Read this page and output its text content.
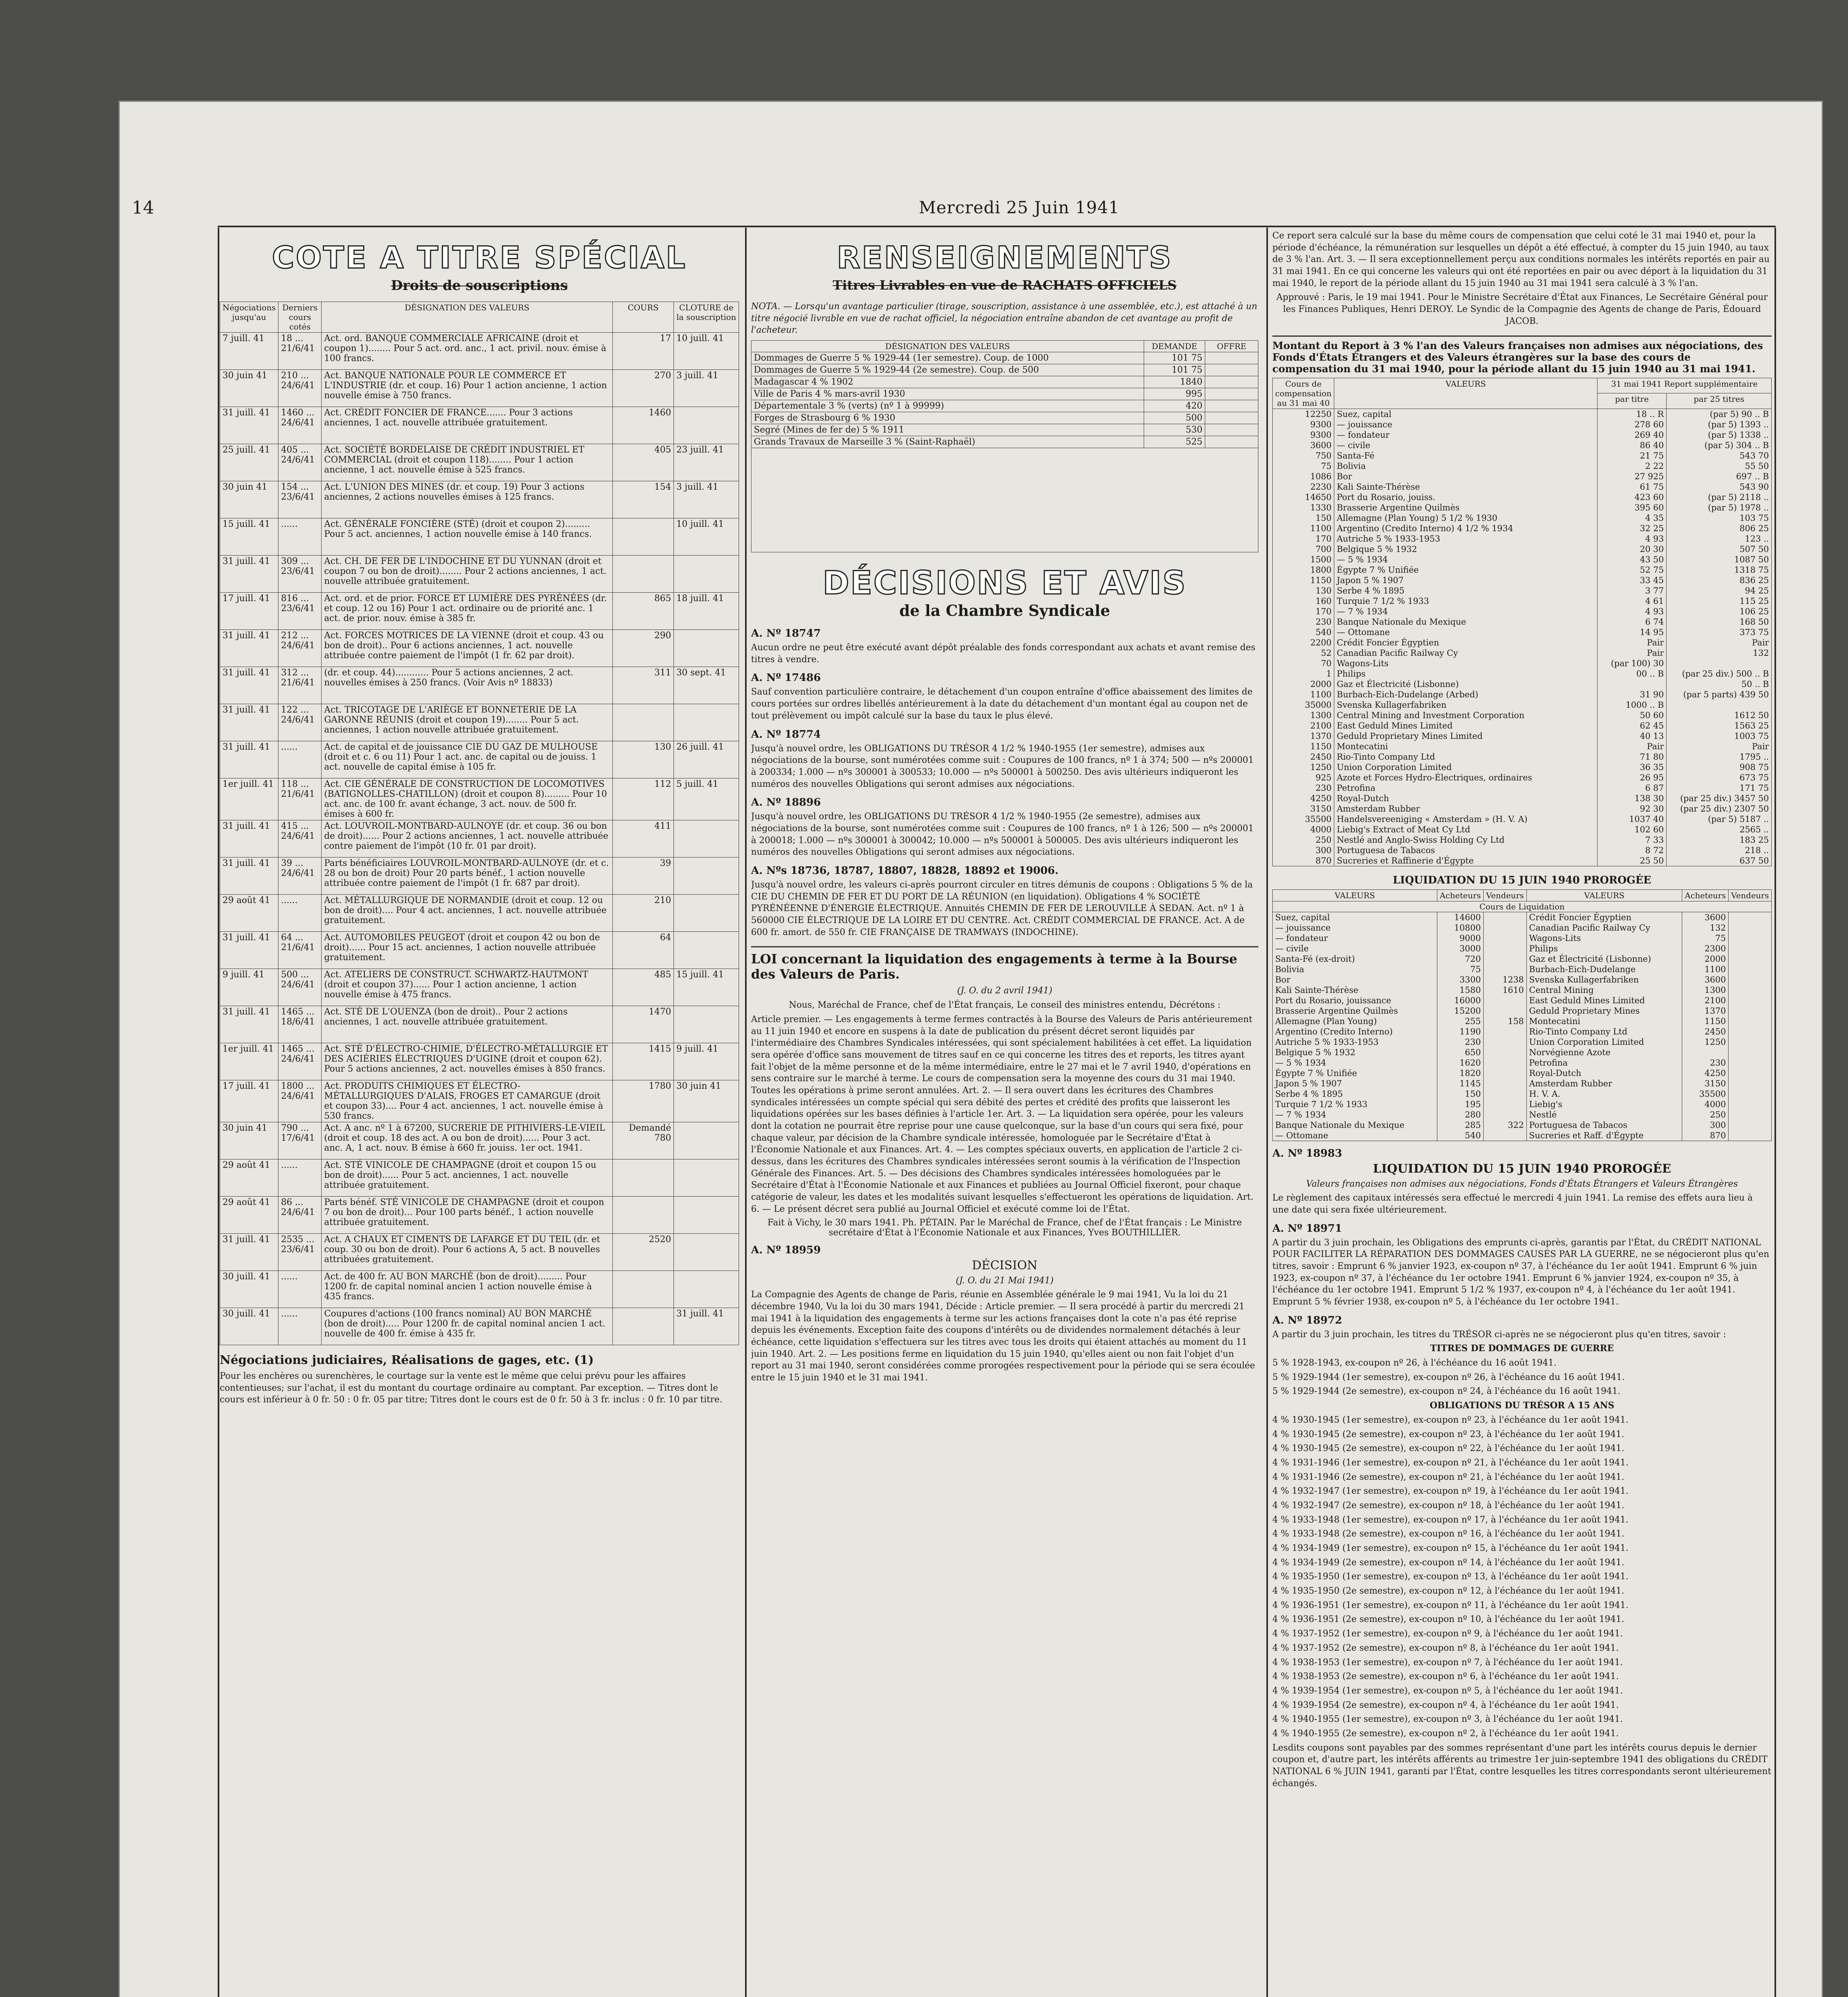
14	Mercredi 25 Juin 1941
COTE A TITRE SPÉCIAL
Droits de souscriptions
Négociations jusqu'au	Derniers cours cotés	DÉSIGNATION DES VALEURS	COURS	CLOTURE de la souscription
7 juill. 41	18 ... 21/6/41	Act. ord. BANQUE COMMERCIALE AFRICAINE (droit et coupon 1)........ Pour 5 act. ord. anc., 1 act. privil. nouv. émise à 100 francs.	17	10 juill. 41
30 juin 41	210 ... 24/6/41	Act. BANQUE NATIONALE POUR LE COMMERCE ET L'INDUSTRIE (dr. et coup. 16) Pour 1 action ancienne, 1 action nouvelle émise à 750 francs.	270	3 juill. 41
31 juill. 41	1460 ... 24/6/41	Act. CRÉDIT FONCIER DE FRANCE....... Pour 3 actions anciennes, 1 act. nouvelle attribuée gratuitement.	1460	
25 juill. 41	405 ... 24/6/41	Act. SOCIÉTÉ BORDELAISE DE CRÉDIT INDUSTRIEL ET COMMERCIAL (droit et coupon 118)........ Pour 1 action ancienne, 1 act. nouvelle émise à 525 francs.	405	23 juill. 41
30 juin 41	154 ... 23/6/41	Act. L'UNION DES MINES (dr. et coup. 19) Pour 3 actions anciennes, 2 actions nouvelles émises à 125 francs.	154	3 juill. 41
15 juill. 41	......	Act. GÉNÉRALE FONCIÈRE (STÉ) (droit et coupon 2)......... Pour 5 act. anciennes, 1 action nouvelle émise à 140 francs.		10 juill. 41
31 juill. 41	309 ... 23/6/41	Act. CH. DE FER DE L'INDOCHINE ET DU YUNNAN (droit et coupon 7 ou bon de droit)........ Pour 2 actions anciennes, 1 act. nouvelle attribuée gratuitement.		
17 juill. 41	816 ... 23/6/41	Act. ord. et de prior. FORCE ET LUMIÈRE DES PYRÉNÉES (dr. et coup. 12 ou 16) Pour 1 act. ordinaire ou de priorité anc. 1 act. de prior. nouv. émise à 385 fr.	865	18 juill. 41
31 juill. 41	212 ... 24/6/41	Act. FORCES MOTRICES DE LA VIENNE (droit et coup. 43 ou bon de droit).. Pour 6 actions anciennes, 1 act. nouvelle attribuée contre paiement de l'impôt (1 fr. 62 par droit).	290	
31 juill. 41	312 ... 21/6/41	(dr. et coup. 44)............ Pour 5 actions anciennes, 2 act. nouvelles émises à 250 francs. (Voir Avis nº 18833)	311	30 sept. 41
31 juill. 41	122 ... 24/6/41	Act. TRICOTAGE DE L'ARIÈGE ET BONNETERIE DE LA GARONNE RÉUNIS (droit et coupon 19)........ Pour 5 act. anciennes, 1 action nouvelle attribuée gratuitement.		
31 juill. 41	......	Act. de capital et de jouissance CIE DU GAZ DE MULHOUSE (droit et c. 6 ou 11) Pour 1 act. anc. de capital ou de jouiss. 1 act. nouvelle de capital émise à 105 fr.	130	26 juill. 41
1er juill. 41	118 ... 21/6/41	Act. CIE GÉNÉRALE DE CONSTRUCTION DE LOCOMOTIVES (BATIGNOLLES-CHATILLON) (droit et coupon 8)......... Pour 10 act. anc. de 100 fr. avant échange, 3 act. nouv. de 500 fr. émises à 600 fr.	112	5 juill. 41
31 juill. 41	415 ... 24/6/41	Act. LOUVROIL-MONTBARD-AULNOYE (dr. et coup. 36 ou bon de droit)...... Pour 2 actions anciennes, 1 act. nouvelle attribuée contre paiement de l'impôt (10 fr. 01 par droit).	411	
31 juill. 41	39 ... 24/6/41	Parts bénéficiaires LOUVROIL-MONTBARD-AULNOYE (dr. et c. 28 ou bon de droit) Pour 20 parts bénéf., 1 action nouvelle attribuée contre paiement de l'impôt (1 fr. 687 par droit).	39	
29 août 41	......	Act. MÉTALLURGIQUE DE NORMANDIE (droit et coup. 12 ou bon de droit).... Pour 4 act. anciennes, 1 act. nouvelle attribuée gratuitement.	210	
31 juill. 41	64 ... 21/6/41	Act. AUTOMOBILES PEUGEOT (droit et coupon 42 ou bon de droit)...... Pour 15 act. anciennes, 1 action nouvelle attribuée gratuitement.	64	
9 juill. 41	500 ... 24/6/41	Act. ATELIERS DE CONSTRUCT. SCHWARTZ-HAUTMONT (droit et coupon 37)...... Pour 1 action ancienne, 1 action nouvelle émise à 475 francs.	485	15 juill. 41
31 juill. 41	1465 ... 18/6/41	Act. STÉ DE L'OUENZA (bon de droit).. Pour 2 actions anciennes, 1 act. nouvelle attribuée gratuitement.	1470	
1er juill. 41	1465 ... 24/6/41	Act. STÉ D'ÉLECTRO-CHIMIE, D'ÉLECTRO-MÉTALLURGIE ET DES ACIÉRIES ÉLECTRIQUES D'UGINE (droit et coupon 62). Pour 5 actions anciennes, 2 act. nouvelles émises à 850 francs.	1415	9 juill. 41
17 juill. 41	1800 ... 24/6/41	Act. PRODUITS CHIMIQUES ET ÉLECTRO-MÉTALLURGIQUES D'ALAIS, FROGES ET CAMARGUE (droit et coupon 33).... Pour 4 act. anciennes, 1 act. nouvelle émise à 530 francs.	1780	30 juin 41
30 juin 41	790 ... 17/6/41	Act. A anc. nº 1 à 67200, SUCRERIE DE PITHIVIERS-LE-VIEIL (droit et coup. 18 des act. A ou bon de droit)...... Pour 3 act. anc. A, 1 act. nouv. B émise à 660 fr. jouiss. 1er oct. 1941.	Demandé 780	
29 août 41	......	Act. STÉ VINICOLE DE CHAMPAGNE (droit et coupon 15 ou bon de droit)...... Pour 5 act. anciennes, 1 act. nouvelle attribuée gratuitement.		
29 août 41	86 ... 24/6/41	Parts bénéf. STÉ VINICOLE DE CHAMPAGNE (droit et coupon 7 ou bon de droit)... Pour 100 parts bénéf., 1 action nouvelle attribuée gratuitement.		
31 juill. 41	2535 ... 23/6/41	Act. A CHAUX ET CIMENTS DE LAFARGE ET DU TEIL (dr. et coup. 30 ou bon de droit). Pour 6 actions A, 5 act. B nouvelles attribuées gratuitement.	2520	
30 juill. 41	......	Act. de 400 fr. AU BON MARCHÉ (bon de droit)......... Pour 1200 fr. de capital nominal ancien 1 action nouvelle émise à 435 francs.		
30 juill. 41	......	Coupures d'actions (100 francs nominal) AU BON MARCHÉ (bon de droit)..... Pour 1200 fr. de capital nominal ancien 1 act. nouvelle de 400 fr. émise à 435 fr.		31 juill. 41
Négociations judiciaires, Réalisations de gages, etc. (1)
Pour les enchères ou surenchères, le courtage sur la vente est le même que celui prévu pour les affaires contentieuses; sur l'achat, il est du montant du courtage ordinaire au comptant. Par exception. — Titres dont le cours est inférieur à 0 fr. 50 : 0 fr. 05 par titre; Titres dont le cours est de 0 fr. 50 à 3 fr. inclus : 0 fr. 10 par titre.
RENSEIGNEMENTS
Titres Livrables en vue de RACHATS OFFICIELS
NOTA. — Lorsqu'un avantage particulier (tirage, souscription, assistance à une assemblée, etc.), est attaché à un titre négocié livrable en vue de rachat officiel, la négociation entraîne abandon de cet avantage au profit de l'acheteur.
DÉSIGNATION DES VALEURS	DEMANDE	OFFRE
Dommages de Guerre 5 % 1929-44 (1er semestre). Coup. de 1000	101 75	
Dommages de Guerre 5 % 1929-44 (2e semestre). Coup. de 500	101 75	
Madagascar 4 % 1902	1840	
Ville de Paris 4 % mars-avril 1930	995	
Départementale 3 % (verts) (nº 1 à 99999)	420	
Forges de Strasbourg 6 % 1930	500	
Segré (Mines de fer de) 5 % 1911	530	
Grands Travaux de Marseille 3 % (Saint-Raphaël)	525	
DÉCISIONS ET AVIS
de la Chambre Syndicale
A. Nº 18747
Aucun ordre ne peut être exécuté avant dépôt préalable des fonds correspondant aux achats et avant remise des titres à vendre.
A. Nº 17486
Sauf convention particulière contraire, le détachement d'un coupon entraîne d'office abaissement des limites de cours portées sur ordres libellés antérieurement à la date du détachement d'un montant égal au coupon net de tout prélèvement ou impôt calculé sur la base du taux le plus élevé.
A. Nº 18774
Jusqu'à nouvel ordre, les OBLIGATIONS DU TRÉSOR 4 1/2 % 1940-1955 (1er semestre), admises aux négociations de la bourse, sont numérotées comme suit : Coupures de 100 francs, nº 1 à 374; 500 — nºs 200001 à 200334; 1.000 — nºs 300001 à 300533; 10.000 — nºs 500001 à 500250. Des avis ultérieurs indiqueront les numéros des nouvelles Obligations qui seront admises aux négociations.
A. Nº 18896
Jusqu'à nouvel ordre, les OBLIGATIONS DU TRÉSOR 4 1/2 % 1940-1955 (2e semestre), admises aux négociations de la bourse, sont numérotées comme suit : Coupures de 100 francs, nº 1 à 126; 500 — nºs 200001 à 200018; 1.000 — nºs 300001 à 300042; 10.000 — nºs 500001 à 500005. Des avis ultérieurs indiqueront les numéros des nouvelles Obligations qui seront admises aux négociations.
A. Nºs 18736, 18787, 18807, 18828, 18892 et 19006.
Jusqu'à nouvel ordre, les valeurs ci-après pourront circuler en titres démunis de coupons : Obligations 5 % de la CIE DU CHEMIN DE FER ET DU PORT DE LA RÉUNION (en liquidation). Obligations 4 % SOCIÉTÉ PYRÉNÉENNE D'ÉNERGIE ÉLECTRIQUE. Annuités CHEMIN DE FER DE LEROUVILLE À SEDAN. Act. nº 1 à 560000 CIE ÉLECTRIQUE DE LA LOIRE ET DU CENTRE. Act. CRÉDIT COMMERCIAL DE FRANCE. Act. A de 600 fr. amort. de 550 fr. CIE FRANÇAISE DE TRAMWAYS (INDOCHINE).
LOI concernant la liquidation des engagements à terme à la Bourse des Valeurs de Paris.
(J. O. du 2 avril 1941)
Nous, Maréchal de France, chef de l'État français, Le conseil des ministres entendu, Décrétons :
Article premier. — Les engagements à terme fermes contractés à la Bourse des Valeurs de Paris antérieurement au 11 juin 1940 et encore en suspens à la date de publication du présent décret seront liquidés par l'intermédiaire des Chambres Syndicales intéressées, qui sont spécialement habilitées à cet effet. La liquidation sera opérée d'office sans mouvement de titres sauf en ce qui concerne les titres des et reports, les titres ayant fait l'objet de la même personne et de la même intermédiaire, entre le 27 mai et le 7 avril 1940, d'opérations en sens contraire sur le marché à terme. Le cours de compensation sera la moyenne des cours du 31 mai 1940. Toutes les opérations à prime seront annulées. Art. 2. — Il sera ouvert dans les écritures des Chambres syndicales intéressées un compte spécial qui sera débité des pertes et crédité des profits que laisseront les liquidations opérées sur les bases définies à l'article 1er. Art. 3. — La liquidation sera opérée, pour les valeurs dont la cotation ne pourrait être reprise pour une cause quelconque, sur la base d'un cours qui sera fixé, pour chaque valeur, par décision de la Chambre syndicale intéressée, homologuée par le Secrétaire d'État à l'Économie Nationale et aux Finances. Art. 4. — Les comptes spéciaux ouverts, en application de l'article 2 ci-dessus, dans les écritures des Chambres syndicales intéressées seront soumis à la vérification de l'Inspection Générale des Finances. Art. 5. — Des décisions des Chambres syndicales intéressées homologuées par le Secrétaire d'État à l'Économie Nationale et aux Finances et publiées au Journal Officiel fixeront, pour chaque catégorie de valeur, les dates et les modalités suivant lesquelles s'effectueront les opérations de liquidation. Art. 6. — Le présent décret sera publié au Journal Officiel et exécuté comme loi de l'État.
Fait à Vichy, le 30 mars 1941. Ph. PÉTAIN. Par le Maréchal de France, chef de l'État français : Le Ministre secrétaire d'État à l'Économie Nationale et aux Finances, Yves BOUTHILLIER.
A. Nº 18959
DÉCISION
(J. O. du 21 Mai 1941)
La Compagnie des Agents de change de Paris, réunie en Assemblée générale le 9 mai 1941, Vu la loi du 21 décembre 1940, Vu la loi du 30 mars 1941, Décide : Article premier. — Il sera procédé à partir du mercredi 21 mai 1941 à la liquidation des engagements à terme sur les actions françaises dont la cote n'a pas été reprise depuis les événements. Exception faite des coupons d'intérêts ou de dividendes normalement détachés à leur échéance, cette liquidation s'effectuera sur les titres avec tous les droits qui étaient attachés au moment du 11 juin 1940. Art. 2. — Les positions ferme en liquidation du 15 juin 1940, qu'elles aient ou non fait l'objet d'un report au 31 mai 1940, seront considérées comme prorogées respectivement pour la période qui se sera écoulée entre le 15 juin 1940 et le 31 mai 1941.
Ce report sera calculé sur la base du même cours de compensation que celui coté le 31 mai 1940 et, pour la période d'échéance, la rémunération sur lesquelles un dépôt a été effectué, à compter du 15 juin 1940, au taux de 3 % l'an. Art. 3. — Il sera exceptionnellement perçu aux conditions normales les intérêts reportés en pair au 31 mai 1941. En ce qui concerne les valeurs qui ont été reportées en pair ou avec déport à la liquidation du 31 mai 1940, le report de la période allant du 15 juin 1940 au 31 mai 1941 sera calculé à 3 % l'an.
Approuvé : Paris, le 19 mai 1941. Pour le Ministre Secrétaire d'État aux Finances, Le Secrétaire Général pour les Finances Publiques, Henri DEROY. Le Syndic de la Compagnie des Agents de change de Paris, Édouard JACOB.
Montant du Report à 3 % l'an des Valeurs françaises non admises aux négociations, des Fonds d'États Étrangers et des Valeurs étrangères sur la base des cours de compensation du 31 mai 1940, pour la période allant du 15 juin 1940 au 31 mai 1941.
Cours de compensation au 31 mai 40	VALEURS	31 mai 1941 Report supplémentaire	
		par titre	par 25 titres
12250	Suez, capital	18 .. R	(par 5) 90 .. B
9300	— jouissance	278 60	(par 5) 1393 ..
9300	— fondateur	269 40	(par 5) 1338 ..
3600	— civile	86 40	(par 5) 304 .. B
750	Santa-Fé	21 75	543 70
75	Bolivia	2 22	55 50
1086	Bor	27 925	697 .. B
2230	Kali Sainte-Thérèse	61 75	543 90
14650	Port du Rosario, jouiss.	423 60	(par 5) 2118 ..
1330	Brasserie Argentine Quilmès	395 60	(par 5) 1978 ..
150	Allemagne (Plan Young) 5 1/2 % 1930	4 35	103 75
1100	Argentino (Credito Interno) 4 1/2 % 1934	32 25	806 25
170	Autriche 5 % 1933-1953	4 93	123 ..
700	Belgique 5 % 1932	20 30	507 50
1500	— 5 % 1934	43 50	1087 50
1800	Égypte 7 % Unifiée	52 75	1318 75
1150	Japon 5 % 1907	33 45	836 25
130	Serbe 4 % 1895	3 77	94 25
160	Turquie 7 1/2 % 1933	4 61	115 25
170	— 7 % 1934	4 93	106 25
230	Banque Nationale du Mexique	6 74	168 50
540	— Ottomane	14 95	373 75
2200	Crédit Foncier Égyptien	Pair	Pair
52	Canadian Pacific Railway Cy	Pair	132
70	Wagons-Lits	(par 100) 30	
1	Philips	00 .. B	(par 25 div.) 500 .. B
2000	Gaz et Électricité (Lisbonne)		50 .. B
1100	Burbach-Eich-Dudelange (Arbed)	31 90	(par 5 parts) 439 50
35000	Svenska Kullagerfabriken	1000 .. B	
1300	Central Mining and Investment Corporation	50 60	1612 50
2100	East Geduld Mines Limited	62 45	1563 25
1370	Geduld Proprietary Mines Limited	40 13	1003 75
1150	Montecatini	Pair	Pair
2450	Rio-Tinto Company Ltd	71 80	1795 ..
1250	Union Corporation Limited	36 35	908 75
925	Azote et Forces Hydro-Électriques, ordinaires	26 95	673 75
230	Petrofina	6 87	171 75
4250	Royal-Dutch	138 30	(par 25 div.) 3457 50
3150	Amsterdam Rubber	92 30	(par 25 div.) 2307 50
35500	Handelsvereeniging « Amsterdam » (H. V. A)	1037 40	(par 5) 5187 ..
4000	Liebig's Extract of Meat Cy Ltd	102 60	2565 ..
250	Nestlé and Anglo-Swiss Holding Cy Ltd	7 33	183 25
300	Portuguesa de Tabacos	8 72	218 ..
870	Sucreries et Raffinerie d'Égypte	25 50	637 50
LIQUIDATION DU 15 JUIN 1940 PROROGÉE
VALEURS	Acheteurs	Vendeurs	VALEURS	Acheteurs	Vendeurs
Cours de Liquidation					
Suez, capital	14600		Crédit Foncier Égyptien	3600	
— jouissance	10800		Canadian Pacific Railway Cy	132	
— fondateur	9000		Wagons-Lits	75	
— civile	3000		Philips	2300	
Santa-Fé (ex-droit)	720		Gaz et Électricité (Lisbonne)	2000	
Bolivia	75		Burbach-Eich-Dudelange	1100	
Bor	3300	1238	Svenska Kullagerfabriken	3600	
Kali Sainte-Thérèse	1580	1610	Central Mining	1300	
Port du Rosario, jouissance	16000		East Geduld Mines Limited	2100	
Brasserie Argentine Quilmès	15200		Geduld Proprietary Mines	1370	
Allemagne (Plan Young)	255	158	Montecatini	1150	
Argentino (Credito Interno)	1190		Rio-Tinto Company Ltd	2450	
Autriche 5 % 1933-1953	230		Union Corporation Limited	1250	
Belgique 5 % 1932	650		Norvégienne Azote		
— 5 % 1934	1620		Petrofina	230	
Égypte 7 % Unifiée	1820		Royal-Dutch	4250	
Japon 5 % 1907	1145		Amsterdam Rubber	3150	
Serbe 4 % 1895	150		H. V. A.	35500	
Turquie 7 1/2 % 1933	195		Liebig's	4000	
— 7 % 1934	280		Nestlé	250	
Banque Nationale du Mexique	285	322	Portuguesa de Tabacos	300	
— Ottomane	540		Sucreries et Raff. d'Égypte	870	
A. Nº 18983
LIQUIDATION DU 15 JUIN 1940 PROROGÉE
Valeurs françaises non admises aux négociations, Fonds d'États Étrangers et Valeurs Étrangères
Le règlement des capitaux intéressés sera effectué le mercredi 4 juin 1941. La remise des effets aura lieu à une date qui sera fixée ultérieurement.
A. Nº 18971
A partir du 3 juin prochain, les Obligations des emprunts ci-après, garantis par l'État, du CRÉDIT NATIONAL POUR FACILITER LA RÉPARATION DES DOMMAGES CAUSÉS PAR LA GUERRE, ne se négocieront plus qu'en titres, savoir : Emprunt 6 % janvier 1923, ex-coupon nº 37, à l'échéance du 1er août 1941. Emprunt 6 % juin 1923, ex-coupon nº 37, à l'échéance du 1er octobre 1941. Emprunt 6 % janvier 1924, ex-coupon nº 35, à l'échéance du 1er octobre 1941. Emprunt 5 1/2 % 1937, ex-coupon nº 4, à l'échéance du 1er août 1941. Emprunt 5 % février 1938, ex-coupon nº 5, à l'échéance du 1er octobre 1941.
A. Nº 18972
A partir du 3 juin prochain, les titres du TRÉSOR ci-après ne se négocieront plus qu'en titres, savoir :
TITRES DE DOMMAGES DE GUERRE
5 % 1928-1943, ex-coupon nº 26, à l'échéance du 16 août 1941.
5 % 1929-1944 (1er semestre), ex-coupon nº 26, à l'échéance du 16 août 1941.
5 % 1929-1944 (2e semestre), ex-coupon nº 24, à l'échéance du 16 août 1941.
OBLIGATIONS DU TRÉSOR A 15 ANS
4 % 1930-1945 (1er semestre), ex-coupon nº 23, à l'échéance du 1er août 1941.
4 % 1930-1945 (2e semestre), ex-coupon nº 23, à l'échéance du 1er août 1941.
4 % 1930-1945 (2e semestre), ex-coupon nº 22, à l'échéance du 1er août 1941.
4 % 1931-1946 (1er semestre), ex-coupon nº 21, à l'échéance du 1er août 1941.
4 % 1931-1946 (2e semestre), ex-coupon nº 21, à l'échéance du 1er août 1941.
4 % 1932-1947 (1er semestre), ex-coupon nº 19, à l'échéance du 1er août 1941.
4 % 1932-1947 (2e semestre), ex-coupon nº 18, à l'échéance du 1er août 1941.
4 % 1933-1948 (1er semestre), ex-coupon nº 17, à l'échéance du 1er août 1941.
4 % 1933-1948 (2e semestre), ex-coupon nº 16, à l'échéance du 1er août 1941.
4 % 1934-1949 (1er semestre), ex-coupon nº 15, à l'échéance du 1er août 1941.
4 % 1934-1949 (2e semestre), ex-coupon nº 14, à l'échéance du 1er août 1941.
4 % 1935-1950 (1er semestre), ex-coupon nº 13, à l'échéance du 1er août 1941.
4 % 1935-1950 (2e semestre), ex-coupon nº 12, à l'échéance du 1er août 1941.
4 % 1936-1951 (1er semestre), ex-coupon nº 11, à l'échéance du 1er août 1941.
4 % 1936-1951 (2e semestre), ex-coupon nº 10, à l'échéance du 1er août 1941.
4 % 1937-1952 (1er semestre), ex-coupon nº 9, à l'échéance du 1er août 1941.
4 % 1937-1952 (2e semestre), ex-coupon nº 8, à l'échéance du 1er août 1941.
4 % 1938-1953 (1er semestre), ex-coupon nº 7, à l'échéance du 1er août 1941.
4 % 1938-1953 (2e semestre), ex-coupon nº 6, à l'échéance du 1er août 1941.
4 % 1939-1954 (1er semestre), ex-coupon nº 5, à l'échéance du 1er août 1941.
4 % 1939-1954 (2e semestre), ex-coupon nº 4, à l'échéance du 1er août 1941.
4 % 1940-1955 (1er semestre), ex-coupon nº 3, à l'échéance du 1er août 1941.
4 % 1940-1955 (2e semestre), ex-coupon nº 2, à l'échéance du 1er août 1941.
Lesdits coupons sont payables par des sommes représentant d'une part les intérêts courus depuis le dernier coupon et, d'autre part, les intérêts afférents au trimestre 1er juin-septembre 1941 des obligations du CRÉDIT NATIONAL 6 % JUIN 1941, garanti par l'État, contre lesquelles les titres correspondants seront ultérieurement échangés.
